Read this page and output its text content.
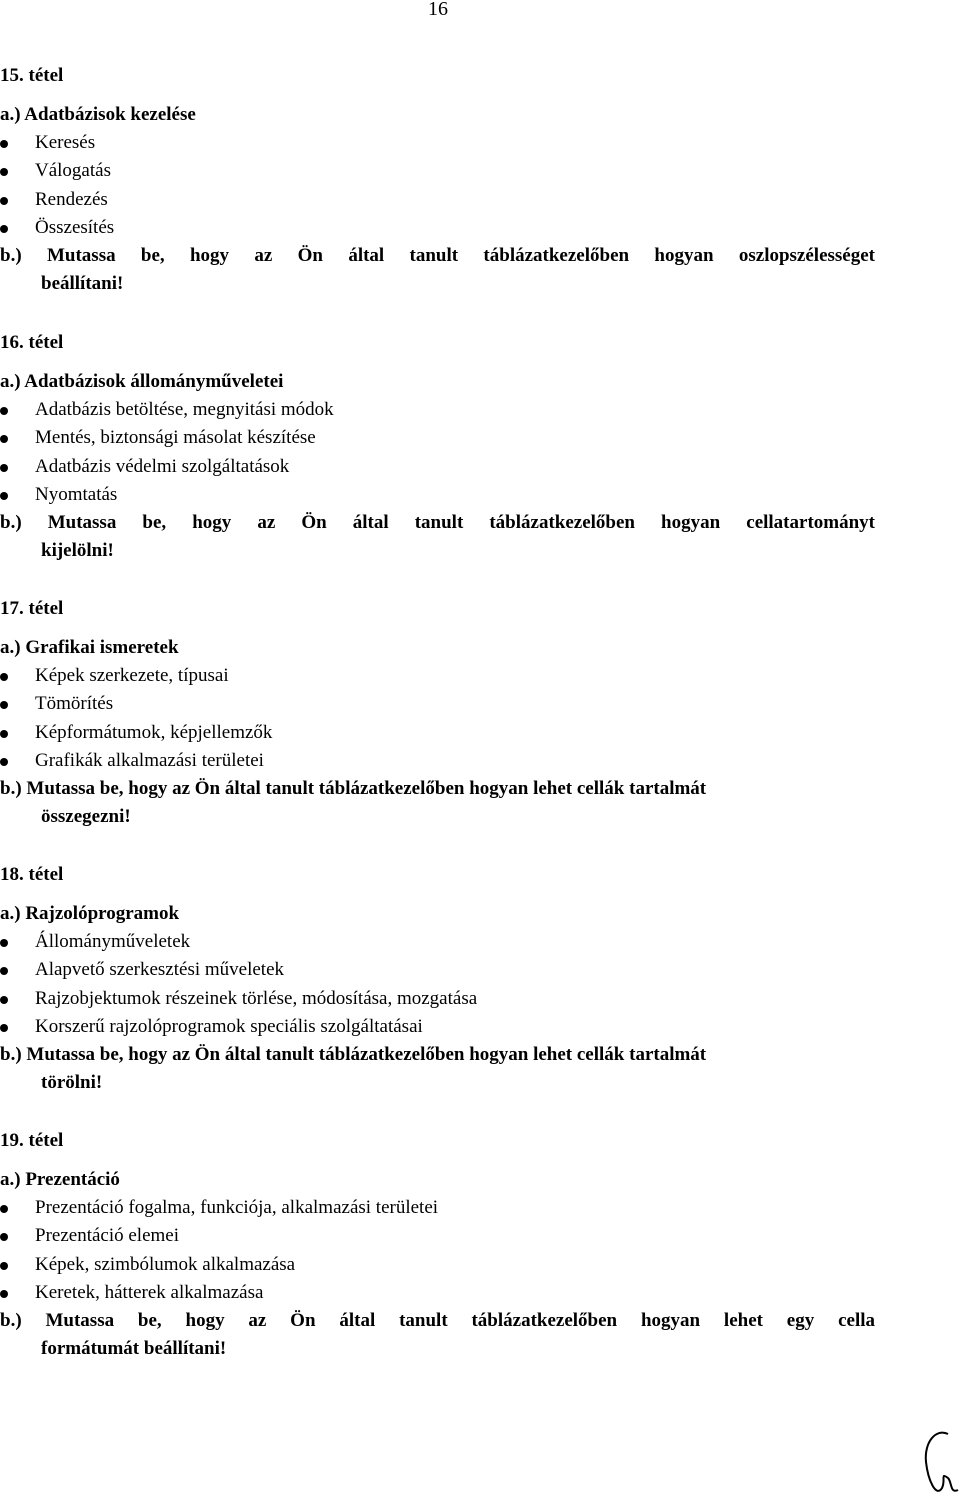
16
15. tétel
a.) Adatbázisok kezelése
Keresés
Válogatás
Rendezés
Összesítés
b.) Mutassa be, hogy az Ön által tanult táblázatkezelőben hogyan oszlopszélességet
beállítani!
16. tétel
a.) Adatbázisok állományműveletei
Adatbázis betöltése, megnyitási módok
Mentés, biztonsági másolat készítése
Adatbázis védelmi szolgáltatások
Nyomtatás
b.) Mutassa be, hogy az Ön által tanult táblázatkezelőben hogyan cellatartományt
kijelölni!
17. tétel
a.) Grafikai ismeretek
Képek szerkezete, típusai
Tömörítés
Képformátumok, képjellemzők
Grafikák alkalmazási területei
b.) Mutassa be, hogy az Ön által tanult táblázatkezelőben hogyan lehet cellák tartalmát
összegezni!
18. tétel
a.) Rajzolóprogramok
Állományműveletek
Alapvető szerkesztési műveletek
Rajzobjektumok részeinek törlése, módosítása, mozgatása
Korszerű rajzolóprogramok speciális szolgáltatásai
b.) Mutassa be, hogy az Ön által tanult táblázatkezelőben hogyan lehet cellák tartalmát
törölni!
19. tétel
a.) Prezentáció
Prezentáció fogalma, funkciója, alkalmazási területei
Prezentáció elemei
Képek, szimbólumok alkalmazása
Keretek, hátterek alkalmazása
b.) Mutassa be, hogy az Ön által tanult táblázatkezelőben hogyan lehet egy cella
formátumát beállítani!
